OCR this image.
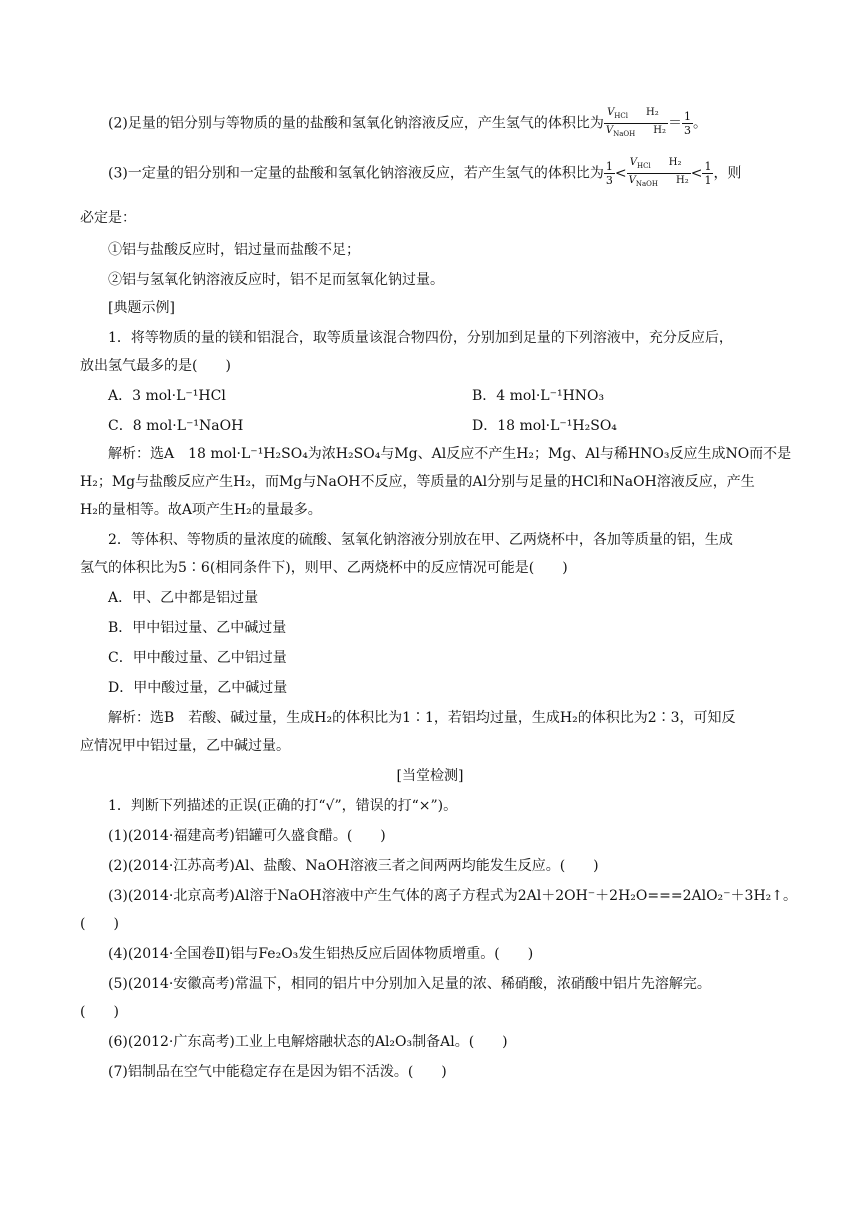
(2)足量的铝分别与等物质的量的盐酸和氢氧化钠溶液反应，产生氢气的体积比为 $\frac{V_{HCl} H_2}{V_{NaOH} H_2} = \frac{1}{3}$ 。
(3)一定量的铝分别和一定量的盐酸和氢氧化钠溶液反应，若产生氢气的体积比为 $\frac{1}{3} < \frac{V_{HCl} H_2}{V_{NaOH} H_2} < \frac{1}{1}$ ，则
必定是：
①铝与盐酸反应时，铝过量而盐酸不足；
②铝与氢氧化钠溶液反应时，铝不足而氢氧化钠过量。
[典题示例]
1．将等物质的量的镁和铝混合，取等质量该混合物四份，分别加到足量的下列溶液中，充分反应后，
放出氢气最多的是(　　)
A．3 mol·L⁻¹HCl	B．4 mol·L⁻¹HNO₃
C．8 mol·L⁻¹NaOH	D．18 mol·L⁻¹H₂SO₄
解析：选A　18 mol·L⁻¹H₂SO₄为浓H₂SO₄与Mg、Al反应不产生H₂；Mg、Al与稀HNO₃反应生成NO而不是
H₂；Mg与盐酸反应产生H₂，而Mg与NaOH不反应，等质量的Al分别与足量的HCl和NaOH溶液反应，产生
H₂的量相等。故A项产生H₂的量最多。
2．等体积、等物质的量浓度的硫酸、氢氧化钠溶液分别放在甲、乙两烧杯中，各加等质量的铝，生成
氢气的体积比为5∶6(相同条件下)，则甲、乙两烧杯中的反应情况可能是(　　)
A．甲、乙中都是铝过量
B．甲中铝过量、乙中碱过量
C．甲中酸过量、乙中铝过量
D．甲中酸过量，乙中碱过量
解析：选B　若酸、碱过量，生成H₂的体积比为1∶1，若铝均过量，生成H₂的体积比为2∶3，可知反
应情况甲中铝过量，乙中碱过量。
[当堂检测]
1．判断下列描述的正误(正确的打“√”，错误的打“×”)。
(1)(2014·福建高考)铝罐可久盛食醋。(　　)
(2)(2014·江苏高考)Al、盐酸、NaOH溶液三者之间两两均能发生反应。(　　)
(3)(2014·北京高考)Al溶于NaOH溶液中产生气体的离子方程式为2Al＋2OH⁻＋2H₂O===2AlO₂⁻＋3H₂↑。
(　　)
(4)(2014·全国卷Ⅱ)铝与Fe₂O₃发生铝热反应后固体物质增重。(　　)
(5)(2014·安徽高考)常温下，相同的铝片中分别加入足量的浓、稀硝酸，浓硝酸中铝片先溶解完。
(　　)
(6)(2012·广东高考)工业上电解熔融状态的Al₂O₃制备Al。(　　)
(7)铝制品在空气中能稳定存在是因为铝不活泼。(　　)
